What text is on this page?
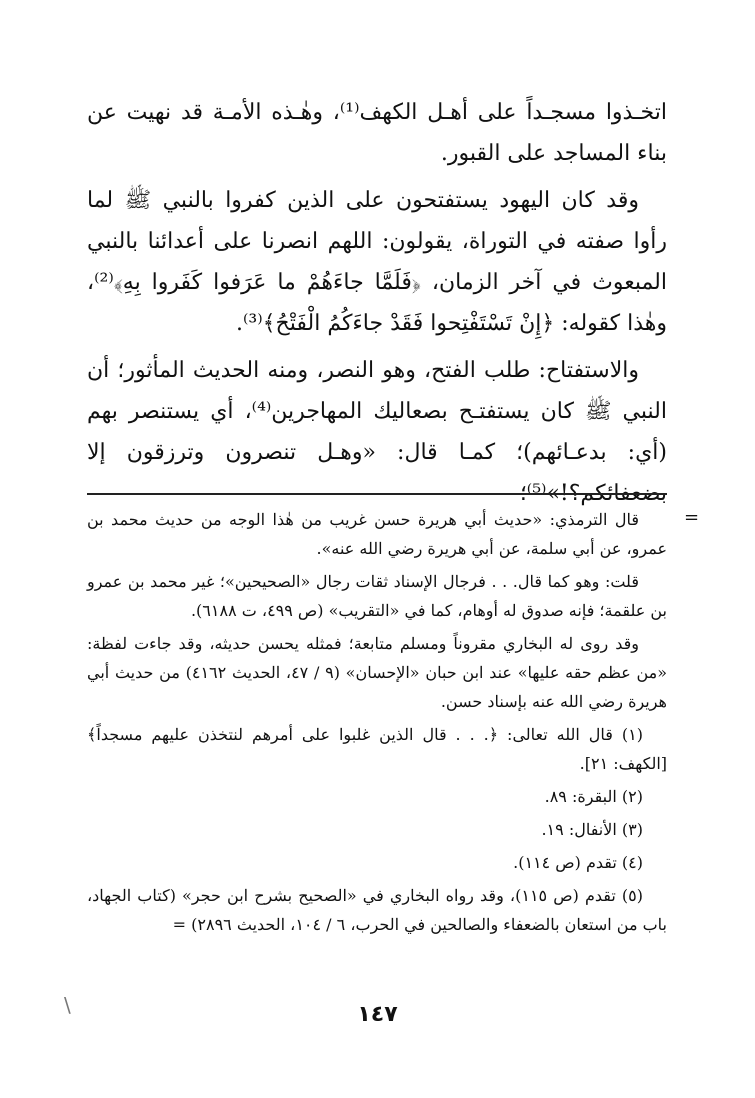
اتخـذوا مسجـداً على أهـل الكهف⁽¹⁾، وهٰـذه الأمـة قد نهيت عن بناء المساجد على القبور.

وقد كان اليهود يستفتحون على الذين كفروا بالنبي ﷺ لما رأوا صفته في التوراة، يقولون: اللهم انصرنا على أعدائنا بالنبي المبعوث في آخر الزمان، ﴿فَلَمَّا جاءَهُمْ ما عَرَفوا كَفَروا بِهِ﴾⁽²⁾، وهٰذا كقوله: ﴿إِنْ تَسْتَفْتِحوا فَقَدْ جاءَكُمُ الْفَتْحُ﴾⁽³⁾.

والاستفتاح: طلب الفتح، وهو النصر، ومنه الحديث المأثور؛ أن النبي ﷺ كان يستفتـح بصعاليك المهاجرين⁽⁴⁾، أي يستنصر بهم (أي: بدعـائهم)؛ كمـا قال: «وهـل تنصرون وترزقون إلا بضعفائكم؟!»⁽⁵⁾؛

=

قال الترمذي: «حديث أبي هريرة حسن غريب من هٰذا الوجه من حديث محمد بن عمرو، عن أبي سلمة، عن أبي هريرة رضي الله عنه».

قلت: وهو كما قال. . . فرجال الإسناد ثقات رجال «الصحيحين»؛ غير محمد بن عمرو بن علقمة؛ فإنه صدوق له أوهام، كما في «التقريب» (ص ٤٩٩، ت ٦١٨٨).

وقد روى له البخاري مقروناً ومسلم متابعة؛ فمثله يحسن حديثه، وقد جاءت لفظة: «من عظم حقه عليها» عند ابن حبان «الإحسان» (٩ / ٤٧، الحديث ٤١٦٢) من حديث أبي هريرة رضي الله عنه بإسناد حسن.

(١) قال الله تعالى: ﴿. . . قال الذين غلبوا على أمرهم لنتخذن عليهم مسجداً﴾ [الكهف: ٢١].

(٢) البقرة: ٨٩.

(٣) الأنفال: ١٩.

(٤) تقدم (ص ١١٤).

(٥) تقدم (ص ١١٥)، وقد رواه البخاري في «الصحيح بشرح ابن حجر» (كتاب الجهاد، باب من استعان بالضعفاء والصالحين في الحرب، ٦ / ١٠٤، الحديث ٢٨٩٦) =

١٤٧
\
